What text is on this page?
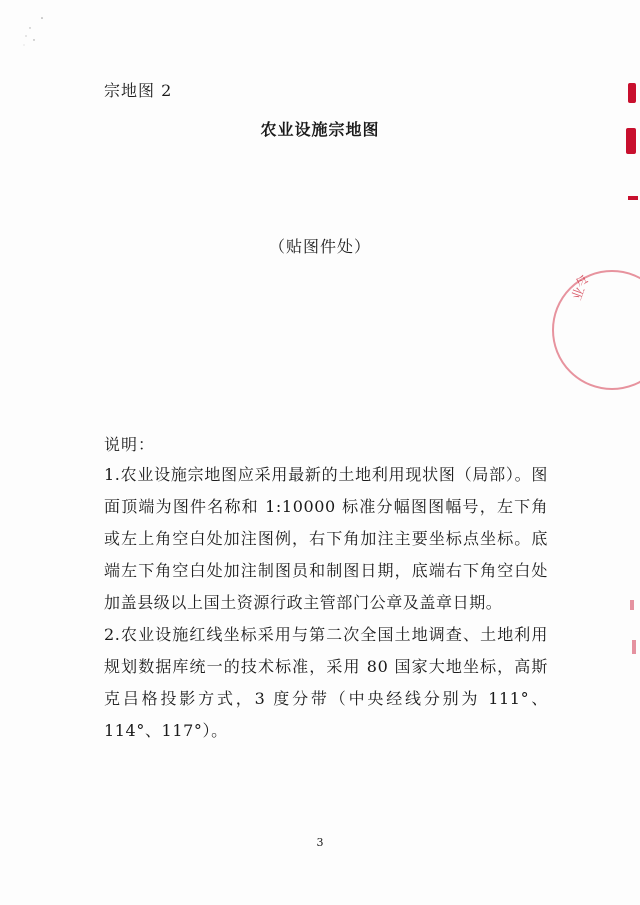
宗地图 2
农业设施宗地图
（贴图件处）
说明：

1.农业设施宗地图应采用最新的土地利用现状图（局部）。图面顶端为图件名称和 1:10000 标准分幅图图幅号，左下角或左上角空白处加注图例，右下角加注主要坐标点坐标。底端左下角空白处加注制图员和制图日期，底端右下角空白处加盖县级以上国土资源行政主管部门公章及盖章日期。

2.农业设施红线坐标采用与第二次全国土地调查、土地利用规划数据库统一的技术标准，采用 80 国家大地坐标，高斯克吕格投影方式，3 度分带（中央经线分别为 111°、114°、117°）。

3
业令
